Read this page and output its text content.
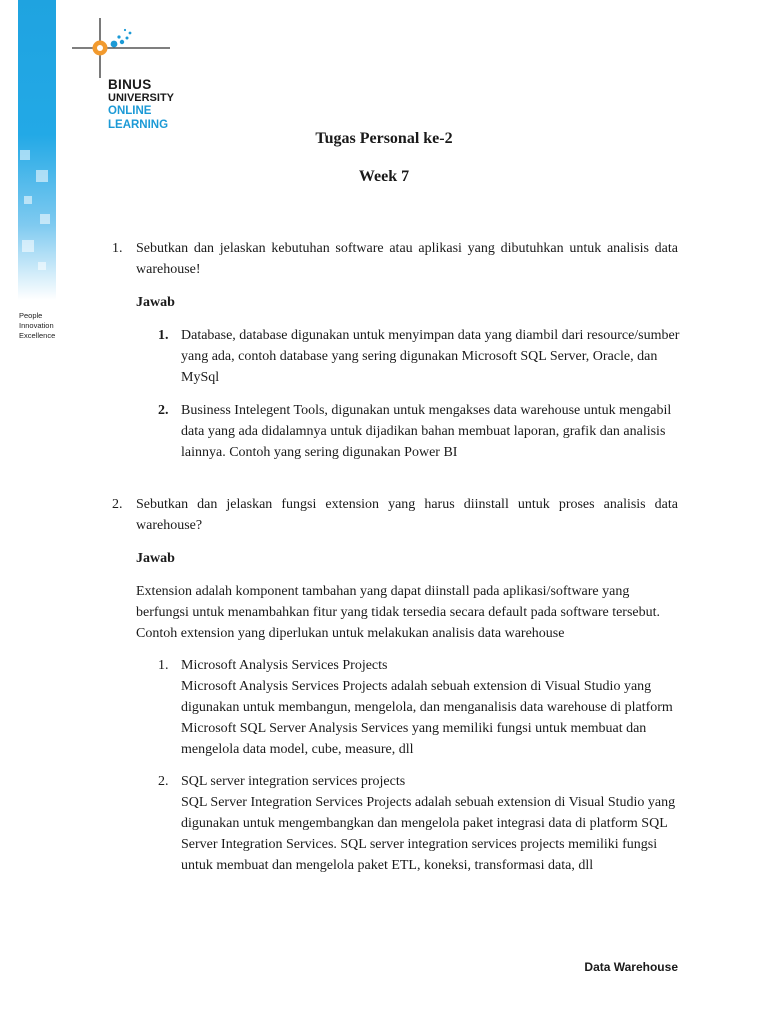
People
Innovation
Excellence
BINUS
UNIVERSITY
ONLINE
LEARNING
Tugas Personal ke-2
Week 7
1. Sebutkan dan jelaskan kebutuhan software atau aplikasi yang dibutuhkan untuk analisis data warehouse!
Jawab
1. Database, database digunakan untuk menyimpan data yang diambil dari resource/sumber yang ada, contoh database yang sering digunakan Microsoft SQL Server, Oracle, dan MySql
2. Business Intelegent Tools, digunakan untuk mengakses data warehouse untuk mengabil data yang ada didalamnya untuk dijadikan bahan membuat laporan, grafik dan analisis lainnya. Contoh yang sering digunakan Power BI
2. Sebutkan dan jelaskan fungsi extension yang harus diinstall untuk proses analisis data warehouse?
Jawab
Extension adalah komponent tambahan yang dapat diinstall pada aplikasi/software yang berfungsi untuk menambahkan fitur yang tidak tersedia secara default pada software tersebut. Contoh extension yang diperlukan untuk melakukan analisis data warehouse
1. Microsoft Analysis Services Projects
Microsoft Analysis Services Projects adalah sebuah extension di Visual Studio yang digunakan untuk membangun, mengelola, dan menganalisis data warehouse di platform Microsoft SQL Server Analysis Services yang memiliki fungsi untuk membuat dan mengelola data model, cube, measure, dll
2. SQL server integration services projects
SQL Server Integration Services Projects adalah sebuah extension di Visual Studio yang digunakan untuk mengembangkan dan mengelola paket integrasi data di platform SQL Server Integration Services. SQL server integration services projects memiliki fungsi untuk membuat dan mengelola paket ETL, koneksi, transformasi data, dll
Data Warehouse
